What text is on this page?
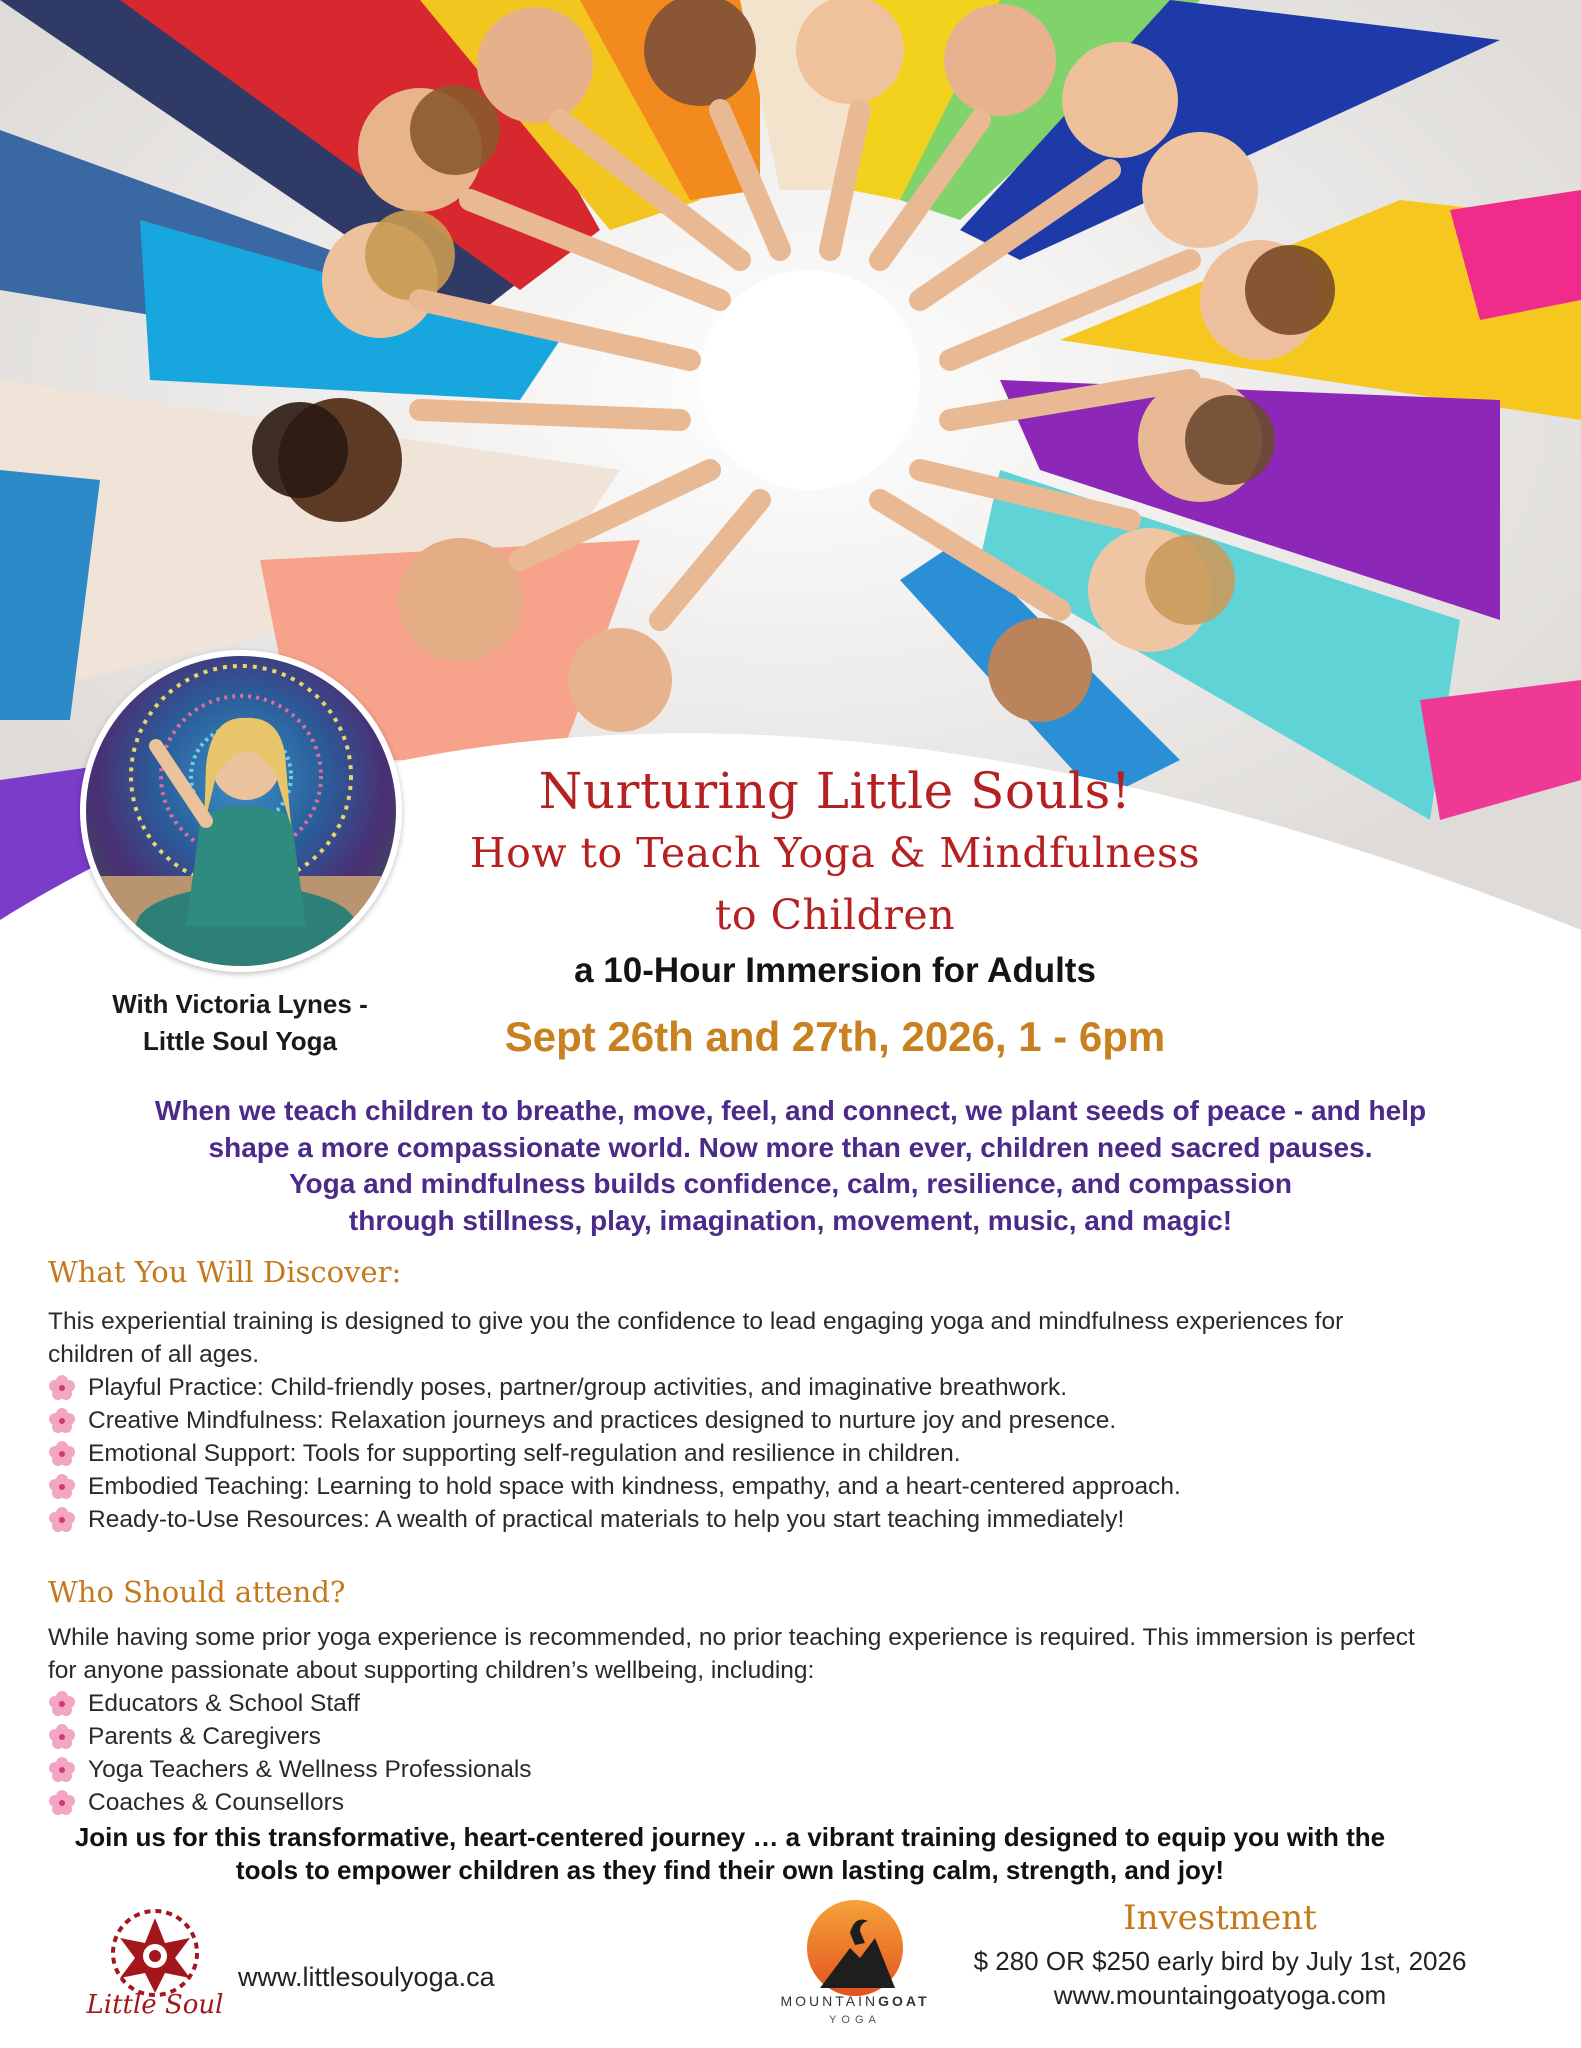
With Victoria Lynes -
Little Soul Yoga
Nurturing Little Souls!
How to Teach Yoga & Mindfulness
to Children
a 10-Hour Immersion for Adults
Sept 26th and 27th, 2026, 1 - 6pm
When we teach children to breathe, move, feel, and connect, we plant seeds of peace - and help
shape a more compassionate world. Now more than ever, children need sacred pauses.
Yoga and mindfulness builds confidence, calm, resilience, and compassion
through stillness, play, imagination, movement, music, and magic!
What You Will Discover:

This experiential training is designed to give you the confidence to lead engaging yoga and mindfulness experiences for children of all ages.

Playful Practice: Child-friendly poses, partner/group activities, and imaginative breathwork.
Creative Mindfulness: Relaxation journeys and practices designed to nurture joy and presence.
Emotional Support: Tools for supporting self-regulation and resilience in children.
Embodied Teaching: Learning to hold space with kindness, empathy, and a heart-centered approach.
Ready-to-Use Resources: A wealth of practical materials to help you start teaching immediately!
Who Should attend?

While having some prior yoga experience is recommended, no prior teaching experience is required. This immersion is perfect for anyone passionate about supporting children’s wellbeing, including:

Educators & School Staff
Parents & Caregivers
Yoga Teachers & Wellness Professionals
Coaches & Counsellors
Join us for this transformative, heart-centered journey … a vibrant training designed to equip you with the
tools to empower children as they find their own lasting calm, strength, and joy!
Little Soul
www.littlesoulyoga.ca
MOUNTAINGOAT
YOGA
Investment
$ 280 OR $250 early bird by July 1st, 2026
www.mountaingoatyoga.com
